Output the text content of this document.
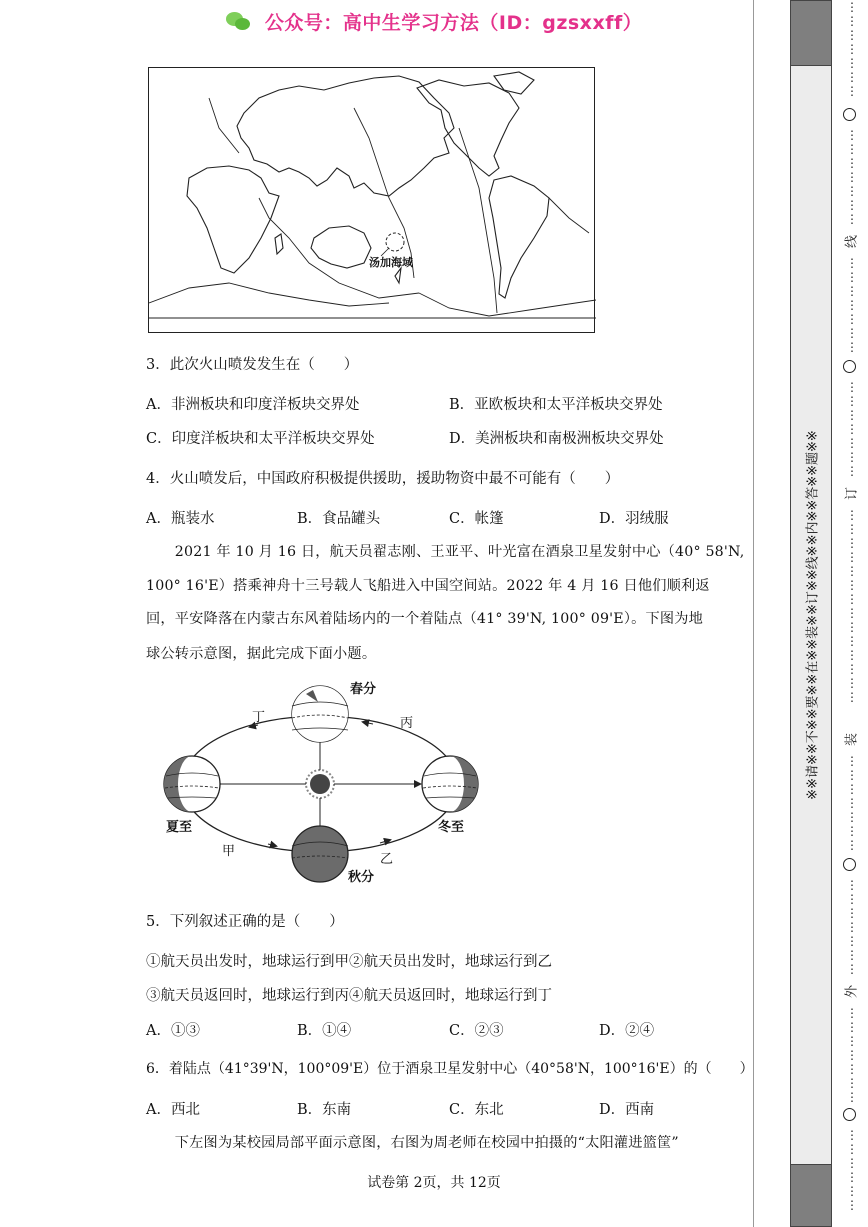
公众号：高中生学习方法（ID：gzsxxff）
汤加海域
3．此次火山喷发发生在（　　）
A．非洲板块和印度洋板块交界处	B．亚欧板块和太平洋板块交界处
C．印度洋板块和太平洋板块交界处	D．美洲板块和南极洲板块交界处
4．火山喷发后，中国政府积极提供援助，援助物资中最不可能有（　　）
A．瓶装水	B．食品罐头	C．帐篷	D．羽绒服
　　2021 年 10 月 16 日，航天员翟志刚、王亚平、叶光富在酒泉卫星发射中心（40° 58'N,
100° 16'E）搭乘神舟十三号载人飞船进入中国空间站。2022 年 4 月 16 日他们顺利返
回，平安降落在内蒙古东风着陆场内的一个着陆点（41° 39'N, 100° 09'E）。下图为地
球公转示意图，据此完成下面小题。
春分
夏至
秋分
冬至
甲
乙
丙
丁
5．下列叙述正确的是（　　）
①航天员出发时，地球运行到甲②航天员出发时，地球运行到乙
③航天员返回时，地球运行到丙④航天员返回时，地球运行到丁
A．①③	B．①④	C．②③	D．②④
6．着陆点（41°39'N，100°09'E）位于酒泉卫星发射中心（40°58'N，100°16'E）的（　　）
A．西北	B．东南	C．东北	D．西南
　　下左图为某校园局部平面示意图，右图为周老师在校园中拍摄的“太阳灌进篮筐”
试卷第 2页，共 12页
※※请※※不※※要※※在※※装※※订※※线※※内※※答※※题※※
⋮
⋮
⋮
⋮
⋮
⋮
⋮
⋮
⋮
⋮
⋮
⋮
⋮
⋮
线
⋮
⋮
⋮
⋮
⋮
⋮
⋮
⋮
⋮
⋮
⋮
⋮
⋮
⋮
订
⋮
⋮
⋮
⋮
⋮
⋮
⋮
⋮
⋮
⋮
⋮
⋮
⋮
⋮
装
⋮
⋮
⋮
⋮
⋮
⋮
⋮
⋮
⋮
⋮
⋮
⋮
⋮
⋮
外
⋮
⋮
⋮
⋮
⋮
⋮
⋮
⋮
⋮
⋮
⋮
⋮
⋮
